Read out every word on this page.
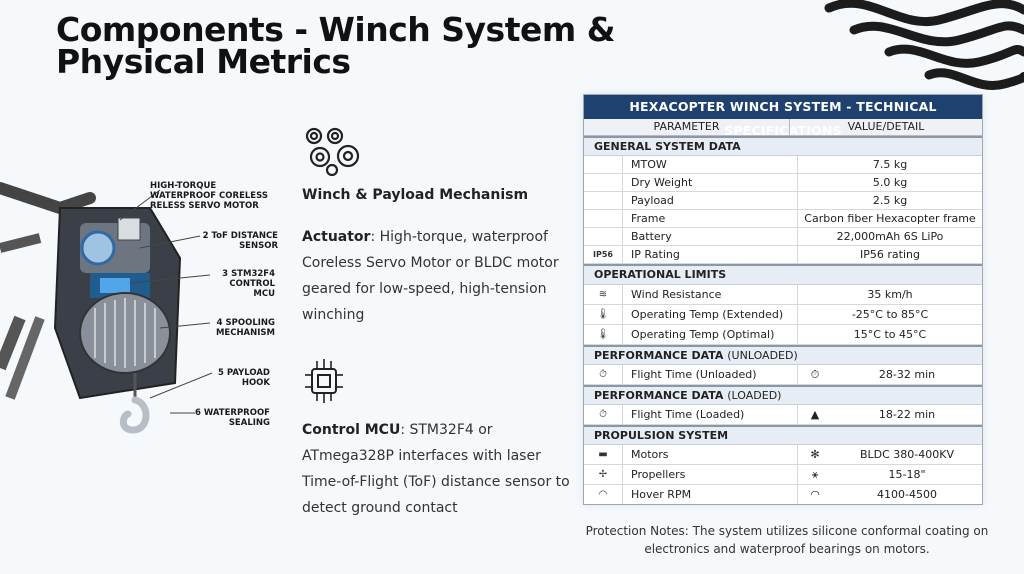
Components - Winch System &
Physical Metrics
HIGH-TORQUE WATERPROOF CORELESS RELESS SERVO MOTOR
2 ToF DISTANCE SENSOR
3 STM32F4 CONTROL MCU
4 SPOOLING MECHANISM
5 PAYLOAD HOOK
6 WATERPROOF SEALING
Winch & Payload Mechanism
Actuator: High-torque, waterproof Coreless Servo Motor or BLDC motor geared for low-speed, high-tension winching
Control MCU: STM32F4 or ATmega328P interfaces with laser Time-of-Flight (ToF) distance sensor to detect ground contact
HEXACOPTER WINCH SYSTEM - TECHNICAL SPECIFICATIONS
PARAMETER	VALUE/DETAIL
GENERAL SYSTEM DATA
MTOW	7.5 kg
Dry Weight	5.0 kg
Payload	2.5 kg
Frame	Carbon fiber Hexacopter frame
Battery	22,000mAh 6S LiPo
IP56	IP Rating	IP56 rating
OPERATIONAL LIMITS
≋	Wind Resistance	35 km/h
🌡	Operating Temp (Extended)	-25°C to 85°C
🌡	Operating Temp (Optimal)	15°C to 45°C
PERFORMANCE DATA (UNLOADED)
⏱	Flight Time (Unloaded)	⏱	28-32 min
PERFORMANCE DATA (LOADED)
⏱	Flight Time (Loaded)	▲	18-22 min
PROPULSION SYSTEM
▬	Motors	✻	BLDC 380-400KV
✢	Propellers	⚹	15-18"
◠	Hover RPM	◠	4100-4500
Protection Notes: The system utilizes silicone conformal coating on electronics and waterproof bearings on motors.
